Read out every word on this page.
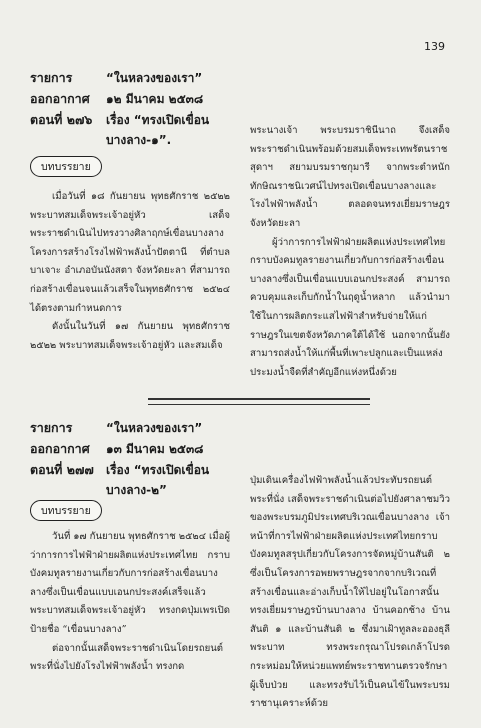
139
รายการ	“ในหลวงของเรา”
ออกอากาศ	๑๒ มีนาคม ๒๕๓๘
ตอนที่ ๒๗๖	เรื่อง “ทรงเปิดเขื่อน
บางลาง-๑”.
บทบรรยาย

เมื่อวันที่ ๑๘ กันยายน พุทธศักราช ๒๕๒๒ พระบาทสมเด็จพระเจ้าอยู่หัว เสด็จพระราชดำเนินไปทรงวางศิลาฤกษ์เขื่อนบางลาง โครงการสร้างโรงไฟฟ้าพลังน้ำปัตตานี ที่ตำบลบาเจาะ อำเภอบันนังสตา จังหวัดยะลา ที่สามารถก่อสร้างเขื่อนจนแล้วเสร็จในพุทธศักราช ๒๕๒๔ ได้ตรงตามกำหนดการ

ดังนั้นในวันที่ ๑๗ กันยายน พุทธศักราช ๒๕๒๒ พระบาทสมเด็จพระเจ้าอยู่หัว และสมเด็จ

พระนางเจ้า พระบรมราชินีนาถ จึงเสด็จพระราชดำเนินพร้อมด้วยสมเด็จพระเทพรัตนราชสุดาฯ สยามบรมราชกุมารี จากพระตำหนักทักษิณราชนิเวศน์ไปทรงเปิดเขื่อนบางลางและโรงไฟฟ้าพลังน้ำ ตลอดจนทรงเยี่ยมราษฎรจังหวัดยะลา

ผู้ว่าการการไฟฟ้าฝ่ายผลิตแห่งประเทศไทย กราบบังคมทูลรายงานเกี่ยวกับการก่อสร้างเขื่อนบางลางซึ่งเป็นเขื่อนแบบเอนกประสงค์ สามารถควบคุมและเก็บกักน้ำในฤดูน้ำหลาก แล้วนำมาใช้ในการผลิตกระแสไฟฟ้าสำหรับจ่ายให้แก่ราษฎรในเขตจังหวัดภาคใต้ได้ใช้ นอกจากนั้นยังสามารถส่งน้ำให้แก่พื้นที่เพาะปลูกและเป็นแหล่งประมงน้ำจืดที่สำคัญอีกแห่งหนึ่งด้วย

รายการ	“ในหลวงของเรา”
ออกอากาศ	๑๓ มีนาคม ๒๕๓๘
ตอนที่ ๒๗๗	เรื่อง “ทรงเปิดเขื่อน
บางลาง-๒”
บทบรรยาย

วันที่ ๑๗ กันยายน พุทธศักราช ๒๕๒๔ เมื่อผู้ว่าการการไฟฟ้าฝ่ายผลิตแห่งประเทศไทย กราบบังคมทูลรายงานเกี่ยวกับการก่อสร้างเขื่อนบางลางซึ่งเป็นเขื่อนแบบเอนกประสงค์เสร็จแล้ว พระบาทสมเด็จพระเจ้าอยู่หัว ทรงกดปุ่มเพรเปิดป้ายชื่อ “เขื่อนบางลาง”

ต่อจากนั้นเสด็จพระราชดำเนินโดยรถยนต์พระที่นั่งไปยังโรงไฟฟ้าพลังน้ำ ทรงกด

ปุ่มเดินเครื่องไฟฟ้าพลังน้ำแล้วประทับรถยนต์พระที่นั่ง เสด็จพระราชดำเนินต่อไปยังศาลาชมวิวของพระบรมภูมิประเทศบริเวณเขื่อนบางลาง เจ้าหน้าที่การไฟฟ้าฝ่ายผลิตแห่งประเทศไทยกราบบังคมทูลสรุปเกี่ยวกับโครงการจัดหมู่บ้านสันติ ๒ ซึ่งเป็นโครงการอพยพราษฎรจากจากบริเวณที่สร้างเขื่อนและอ่างเก็บน้ำให้ไปอยู่ในโอกาสนั้นทรงเยี่ยมราษฎรบ้านบางลาง บ้านคอกช้าง บ้านสันติ ๑ และบ้านสันติ ๒ ซึ่งมาเฝ้าทูลละอองธุลีพระบาท ทรงพระกรุณาโปรดเกล้าโปรดกระหม่อมให้หน่วยแพทย์พระราชทานตรวจรักษาผู้เจ็บป่วย และทรงรับไว้เป็นคนไข้ในพระบรมราชานุเคราะห์ด้วย
